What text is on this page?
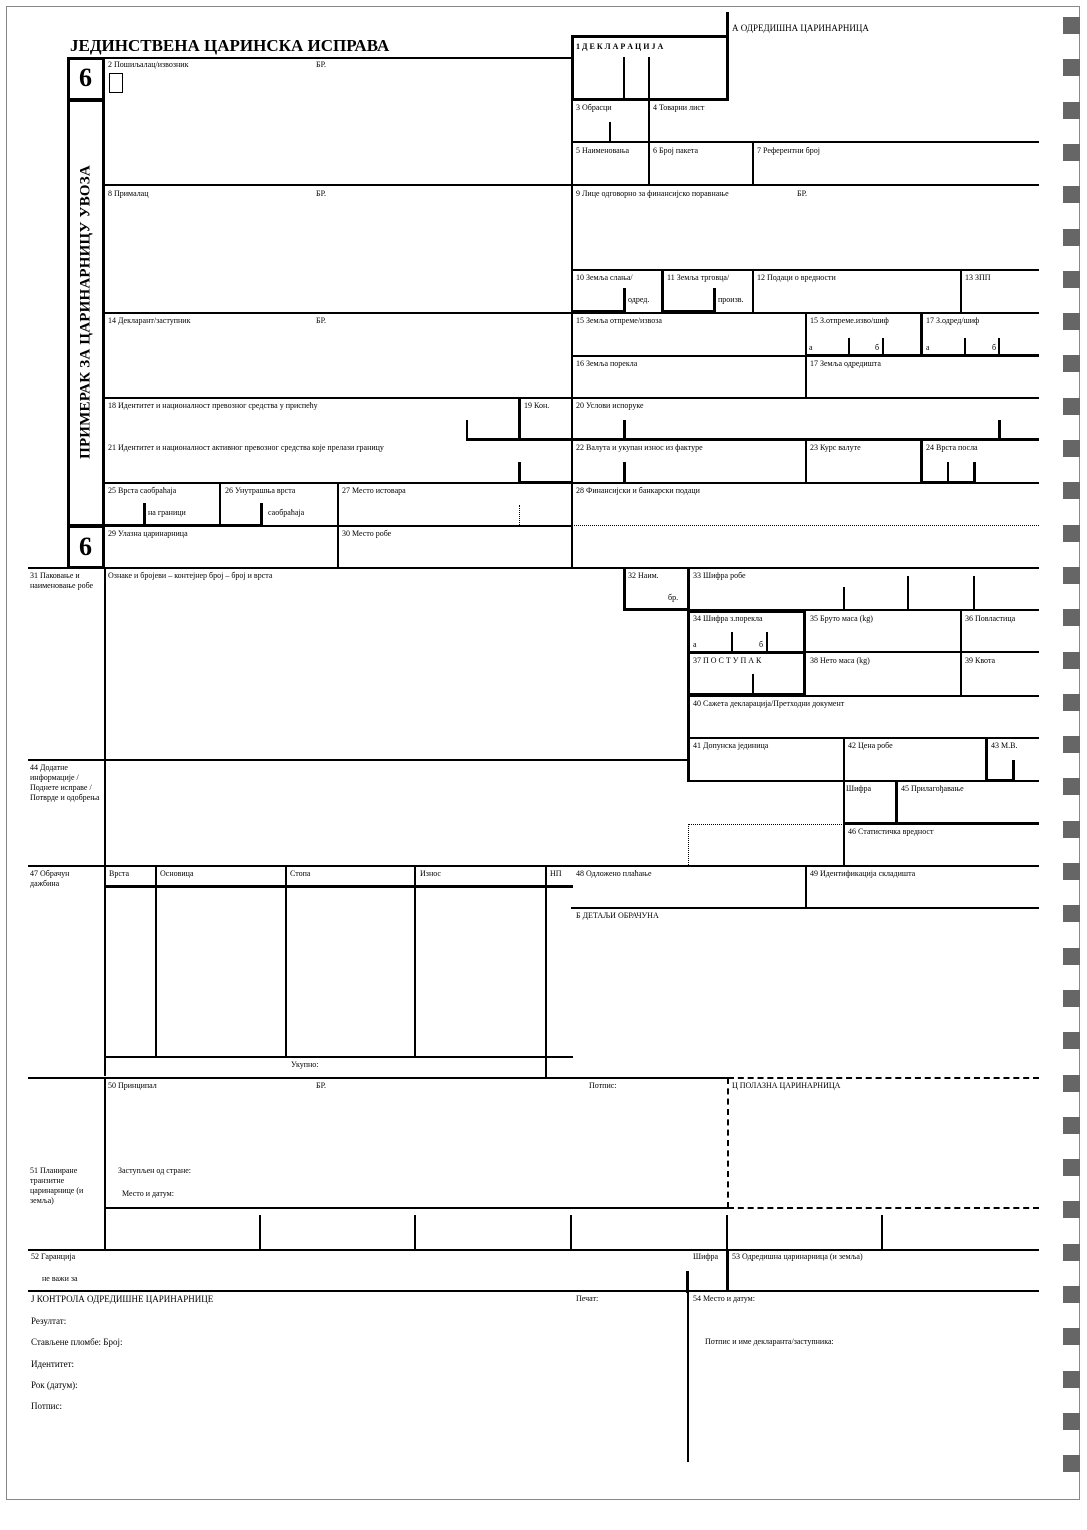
ЈЕДИНСТВЕНА ЦАРИНСКА ИСПРАВА
А ОДРЕДИШНА ЦАРИНАРНИЦА
6
6
ПРИМЕРАК ЗА ЦАРИНАРНИЦУ УВОЗА
1 Д Е К Л А Р А Ц И Ј А
2 Пошиљалац/извозник	БР.
3 Обрасци	4 Товарни лист
5 Наименовања	6 Број пакета	7 Референтни број
8 Прималац	БР.	9 Лице одговорно за финансијско поравнање	БР.
10 Земља слања/
одред.
11 Земља трговца/
произв.
12 Подаци о вредности	13 ЗПП
14 Декларант/заступник	БР.	15 Земља отпреме/извоза	15 З.отпреме.изво/шиф	17 З.одред/шиф
а	б	а	б
16 Земља порекла	17 Земља одредишта
18 Идентитет и националност превозног средства у приспећу	19 Кон.	20 Услови испоруке
21 Идентитет и националност активног превозног средства које прелази границу	22 Валута и укупан износ из фактуре	23 Курс валуте	24 Врста посла
25 Врста саобраћаја
на граници
26 Унутрашња врста
саобраћаја
27 Место истовара	28 Финансијски и банкарски подаци
29 Улазна царинарница	30 Место робе
31 Паковање и наименовање робе
Ознаке и бројеви – контејнер број – број и врста	32 Наим.
бр.
33 Шифра робе
34 Шифра з.порекла
а	б
35 Бруто маса (kg)	36 Повластица
37 П О С Т У П А К	38 Нето маса (kg)	39 Квота
40 Сажета декларација/Претходни документ
41 Допунска јединица	42 Цена робе	43 М.В.
44 Додатне информације / Поднете исправе / Потврде и одобрења
Шифра	45 Прилагођавање
46 Статистичка вредност
47 Обрачун дажбина
Врста	Основица	Стопа	Износ	НП
Укупно:
48 Одложено плаћање	49 Идентификација складишта
Б ДЕТАЉИ ОБРАЧУНА
50 Принципал	БР.	Потпис:	Ц ПОЛАЗНА ЦАРИНАРНИЦА
Заступљен од стране:
Место и датум:
51 Планиране транзитне царинарнице (и земља)
52 Гаранција
не важи за
Шифра 53 Одредишна царинарница (и земља)
Ј КОНТРОЛА ОДРЕДИШНЕ ЦАРИНАРНИЦЕ	Печат:	54 Место и датум:
Потпис и име декларанта/заступника:
Резултат:
Стављене пломбе: Број:
Идентитет:
Рок (датум):
Потпис:
